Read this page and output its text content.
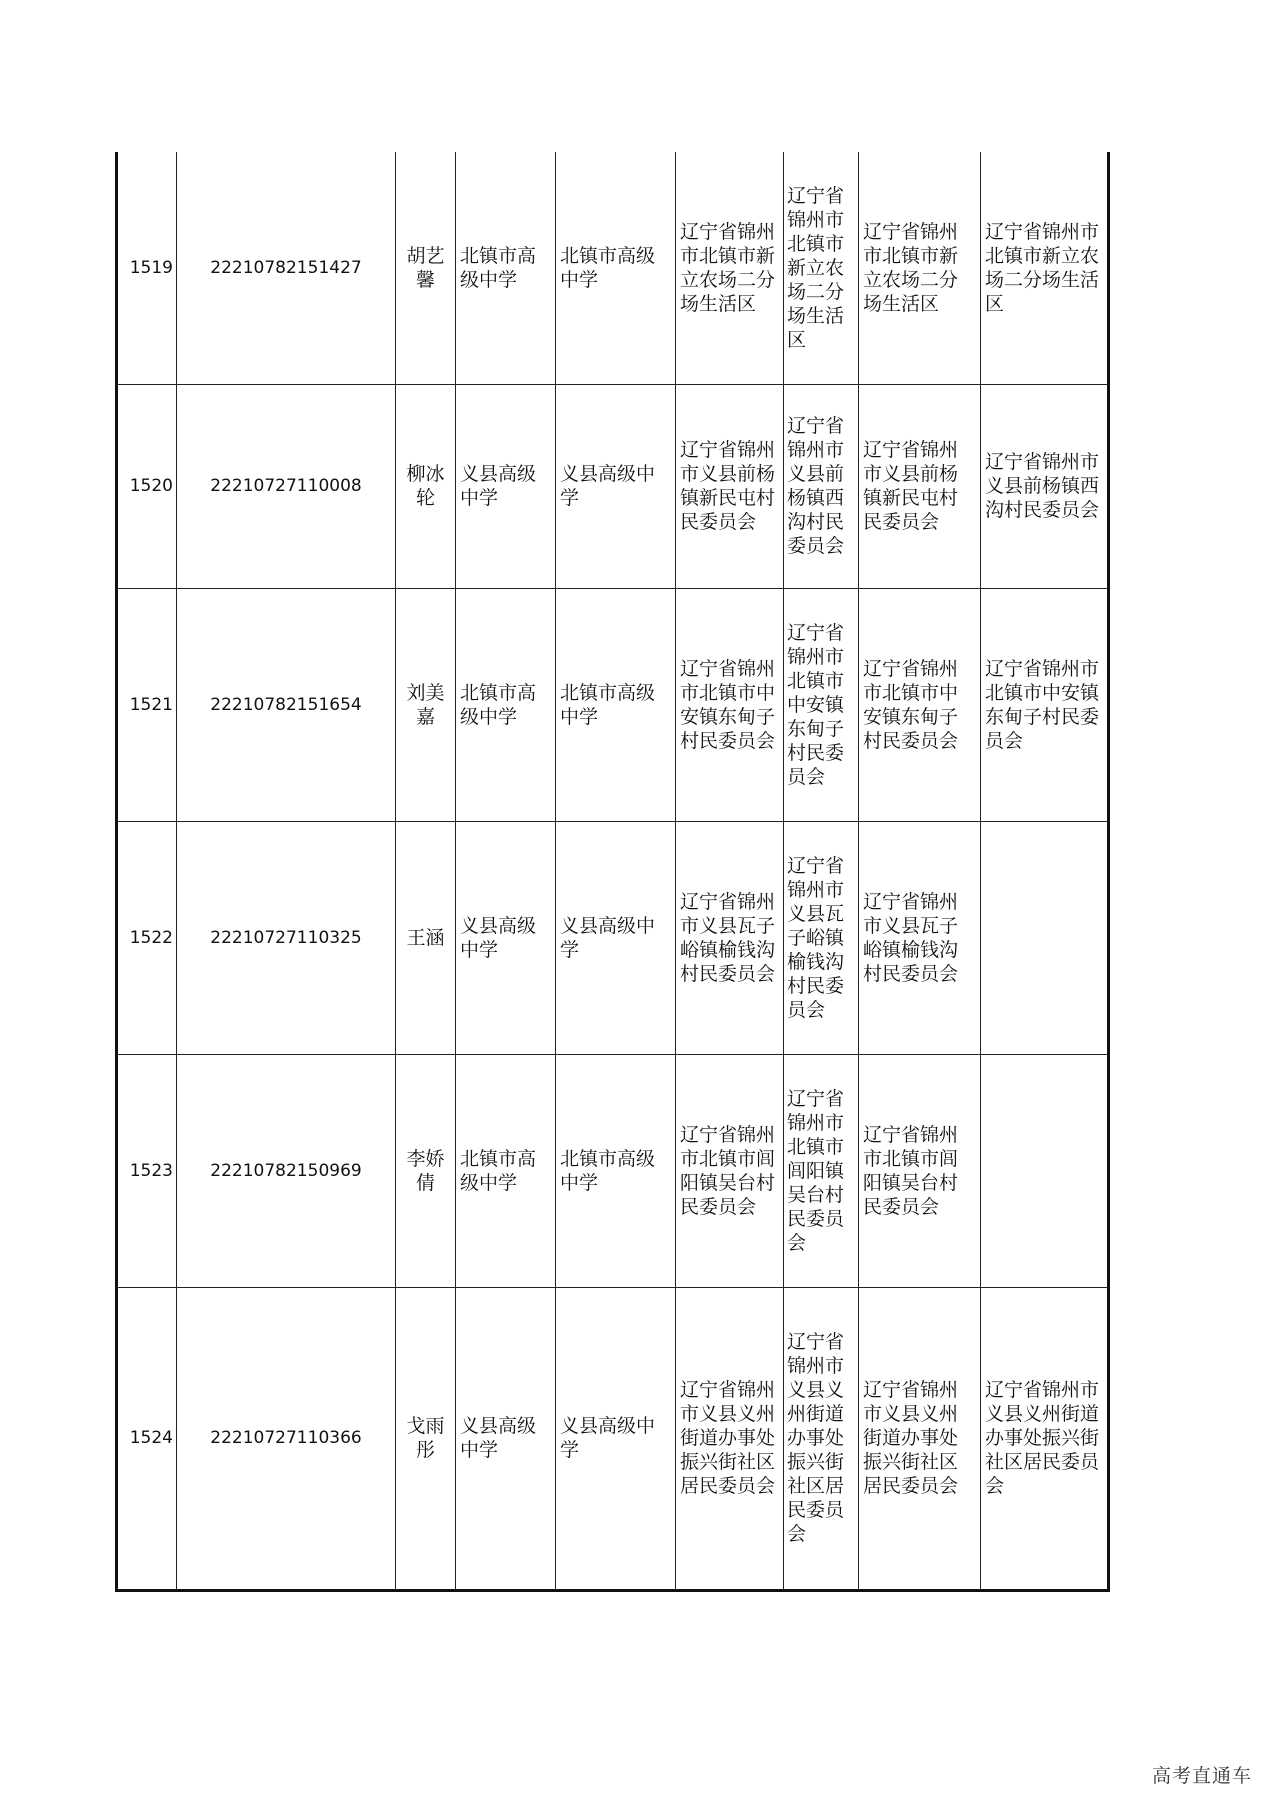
1519	22210782151427	胡艺馨	北镇市高级中学	北镇市高级中学	辽宁省锦州市北镇市新立农场二分场生活区	辽宁省锦州市北镇市新立农场二分场生活区	辽宁省锦州市北镇市新立农场二分场生活区	辽宁省锦州市北镇市新立农场二分场生活区
1520	22210727110008	柳冰轮	义县高级中学	义县高级中学	辽宁省锦州市义县前杨镇新民屯村民委员会	辽宁省锦州市义县前杨镇西沟村民委员会	辽宁省锦州市义县前杨镇新民屯村民委员会	辽宁省锦州市义县前杨镇西沟村民委员会
1521	22210782151654	刘美嘉	北镇市高级中学	北镇市高级中学	辽宁省锦州市北镇市中安镇东甸子村民委员会	辽宁省锦州市北镇市中安镇东甸子村民委员会	辽宁省锦州市北镇市中安镇东甸子村民委员会	辽宁省锦州市北镇市中安镇东甸子村民委员会
1522	22210727110325	王涵	义县高级中学	义县高级中学	辽宁省锦州市义县瓦子峪镇榆钱沟村民委员会	辽宁省锦州市义县瓦子峪镇榆钱沟村民委员会	辽宁省锦州市义县瓦子峪镇榆钱沟村民委员会	
1523	22210782150969	李娇倩	北镇市高级中学	北镇市高级中学	辽宁省锦州市北镇市闾阳镇吴台村民委员会	辽宁省锦州市北镇市闾阳镇吴台村民委员会	辽宁省锦州市北镇市闾阳镇吴台村民委员会	
1524	22210727110366	戈雨彤	义县高级中学	义县高级中学	辽宁省锦州市义县义州街道办事处振兴街社区居民委员会	辽宁省锦州市义县义州街道办事处振兴街社区居民委员会	辽宁省锦州市义县义州街道办事处振兴街社区居民委员会	辽宁省锦州市义县义州街道办事处振兴街社区居民委员会
高考直通车
